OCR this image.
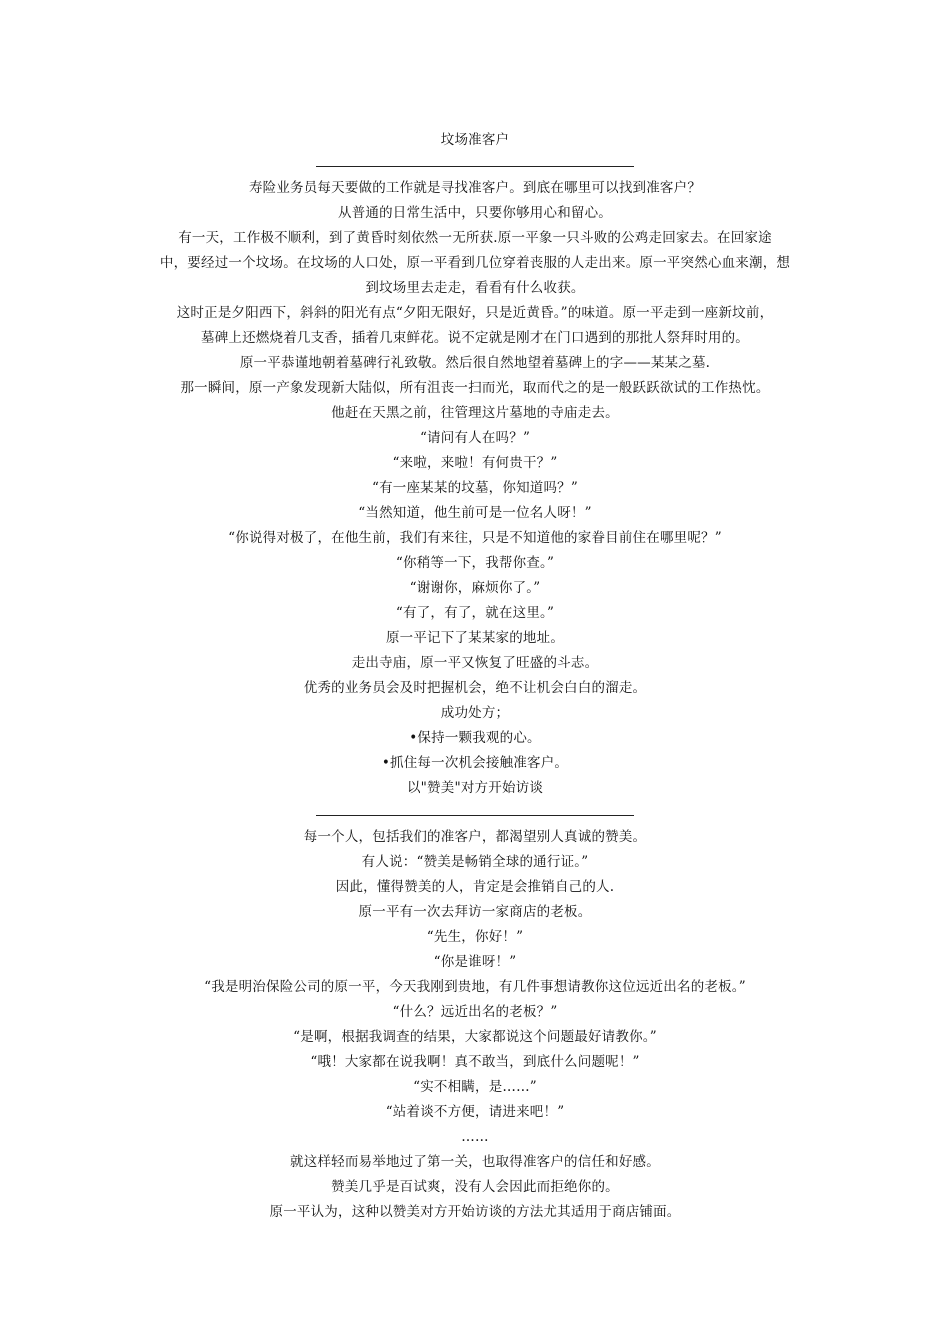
坟场准客户
寿险业务员每天要做的工作就是寻找准客户。到底在哪里可以找到准客户？
从普通的日常生活中，只要你够用心和留心。
有一天，工作极不顺利，到了黄昏时刻依然一无所获.原一平象一只斗败的公鸡走回家去。在回家途
中，要经过一个坟场。在坟场的人口处，原一平看到几位穿着丧服的人走出来。原一平突然心血来潮，想
到坟场里去走走，看看有什么收获。
这时正是夕阳西下，斜斜的阳光有点“夕阳无限好，只是近黄昏。”的味道。原一平走到一座新坟前，
墓碑上还燃烧着几支香，插着几束鲜花。说不定就是刚才在门口遇到的那批人祭拜时用的。
原一平恭谨地朝着墓碑行礼致敬。然后很自然地望着墓碑上的字——某某之墓.
那一瞬间，原一产象发现新大陆似，所有沮丧一扫而光，取而代之的是一般跃跃欲试的工作热忱。
他赶在天黑之前，往管理这片墓地的寺庙走去。
“请问有人在吗？”
“来啦，来啦！有何贵干？”
“有一座某某的坟墓，你知道吗？”
“当然知道，他生前可是一位名人呀！”
“你说得对极了，在他生前，我们有来往，只是不知道他的家眷目前住在哪里呢？”
“你稍等一下，我帮你查。”
“谢谢你，麻烦你了。”
“有了，有了，就在这里。”
原一平记下了某某家的地址。
走出寺庙，原一平又恢复了旺盛的斗志。
优秀的业务员会及时把握机会，绝不让机会白白的溜走。
成功处方；
•保持一颗我观的心。
•抓住每一次机会接触准客户。
以"赞美"对方开始访谈
每一个人，包括我们的准客户，都渴望别人真诚的赞美。
有人说：“赞美是畅销全球的通行证。”
因此，懂得赞美的人，肯定是会推销自己的人.
原一平有一次去拜访一家商店的老板。
“先生，你好！”
“你是谁呀！”
“我是明治保险公司的原一平，今天我刚到贵地，有几件事想请教你这位远近出名的老板。”
“什么？远近出名的老板？”
“是啊，根据我调查的结果，大家都说这个问题最好请教你。”
“哦！大家都在说我啊！真不敢当，到底什么问题呢！”
“实不相瞒，是……”
“站着谈不方便，请进来吧！”
……
就这样轻而易举地过了第一关，也取得准客户的信任和好感。
赞美几乎是百试爽，没有人会因此而拒绝你的。
原一平认为，这种以赞美对方开始访谈的方法尤其适用于商店铺面。
